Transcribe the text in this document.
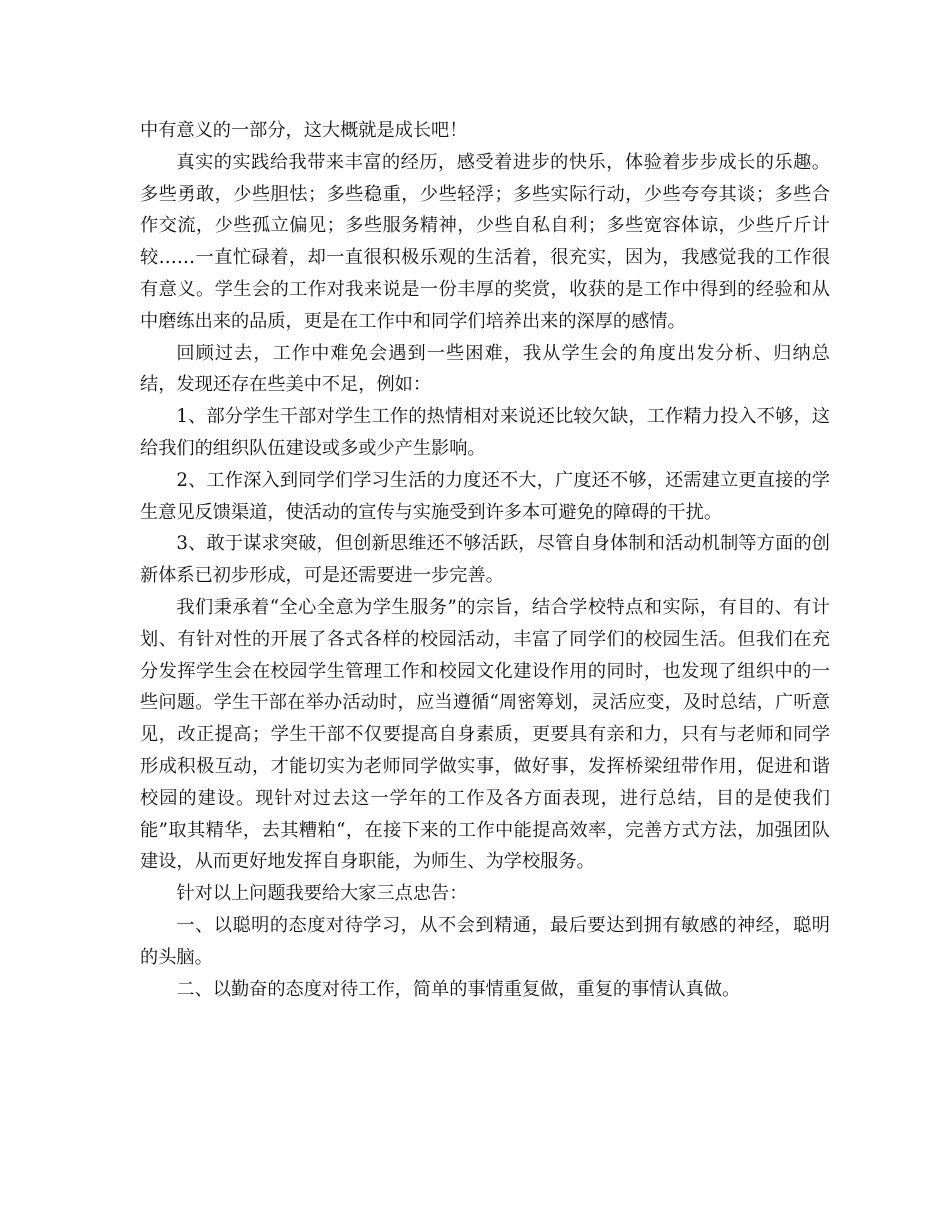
中有意义的一部分，这大概就是成长吧！

真实的实践给我带来丰富的经历，感受着进步的快乐，体验着步步成长的乐趣。多些勇敢，少些胆怯；多些稳重，少些轻浮；多些实际行动，少些夸夸其谈；多些合作交流，少些孤立偏见；多些服务精神，少些自私自利；多些宽容体谅，少些斤斤计较……一直忙碌着，却一直很积极乐观的生活着，很充实，因为，我感觉我的工作很有意义。学生会的工作对我来说是一份丰厚的奖赏，收获的是工作中得到的经验和从中磨练出来的品质，更是在工作中和同学们培养出来的深厚的感情。

回顾过去，工作中难免会遇到一些困难，我从学生会的角度出发分析、归纳总结，发现还存在些美中不足，例如：

1、部分学生干部对学生工作的热情相对来说还比较欠缺，工作精力投入不够，这给我们的组织队伍建设或多或少产生影响。

2、工作深入到同学们学习生活的力度还不大，广度还不够，还需建立更直接的学生意见反馈渠道，使活动的宣传与实施受到许多本可避免的障碍的干扰。

3、敢于谋求突破，但创新思维还不够活跃，尽管自身体制和活动机制等方面的创新体系已初步形成，可是还需要进一步完善。

我们秉承着“全心全意为学生服务”的宗旨，结合学校特点和实际，有目的、有计划、有针对性的开展了各式各样的校园活动，丰富了同学们的校园生活。但我们在充分发挥学生会在校园学生管理工作和校园文化建设作用的同时，也发现了组织中的一些问题。学生干部在举办活动时，应当遵循“周密筹划，灵活应变，及时总结，广听意见，改正提高；学生干部不仅要提高自身素质，更要具有亲和力，只有与老师和同学形成积极互动，才能切实为老师同学做实事，做好事，发挥桥梁纽带作用，促进和谐校园的建设。现针对过去这一学年的工作及各方面表现，进行总结，目的是使我们能”取其精华，去其糟粕“，在接下来的工作中能提高效率，完善方式方法，加强团队建设，从而更好地发挥自身职能，为师生、为学校服务。

针对以上问题我要给大家三点忠告：

一、以聪明的态度对待学习，从不会到精通，最后要达到拥有敏感的神经，聪明的头脑。

二、以勤奋的态度对待工作，简单的事情重复做，重复的事情认真做。
